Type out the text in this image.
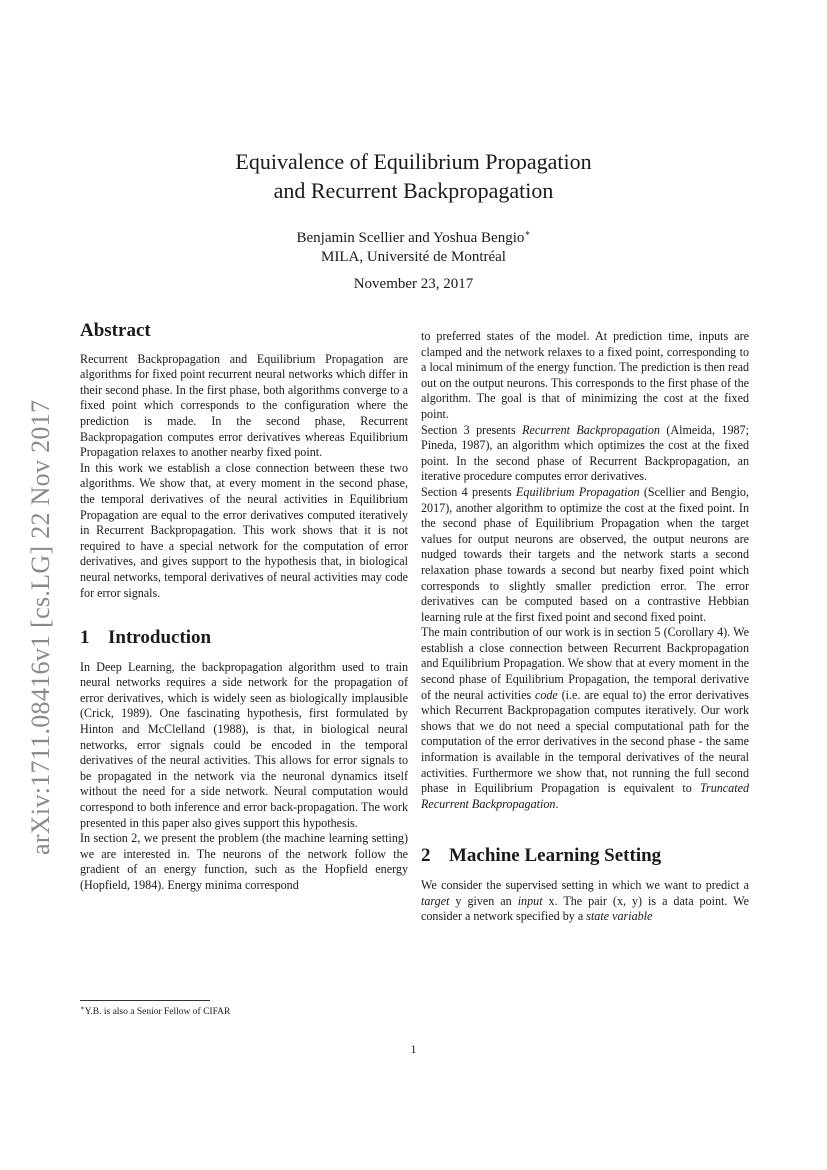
arXiv:1711.08416v1 [cs.LG] 22 Nov 2017
Equivalence of Equilibrium Propagation
and Recurrent Backpropagation
Benjamin Scellier and Yoshua Bengio∗
MILA, Université de Montréal
November 23, 2017
Abstract

Recurrent Backpropagation and Equilibrium Propagation are algorithms for fixed point recurrent neural networks which differ in their second phase. In the first phase, both algorithms converge to a fixed point which corresponds to the configuration where the prediction is made. In the second phase, Recurrent Backpropagation computes error derivatives whereas Equilibrium Propagation relaxes to another nearby fixed point.

In this work we establish a close connection between these two algorithms. We show that, at every moment in the second phase, the temporal derivatives of the neural activities in Equilibrium Propagation are equal to the error derivatives computed iteratively in Recurrent Backpropagation. This work shows that it is not required to have a special network for the computation of error derivatives, and gives support to the hypothesis that, in biological neural networks, temporal derivatives of neural activities may code for error signals.

1 Introduction

In Deep Learning, the backpropagation algorithm used to train neural networks requires a side network for the propagation of error derivatives, which is widely seen as biologically implausible (Crick, 1989). One fascinating hypothesis, first formulated by Hinton and McClelland (1988), is that, in biological neural networks, error signals could be encoded in the temporal derivatives of the neural activities. This allows for error signals to be propagated in the network via the neuronal dynamics itself without the need for a side network. Neural computation would correspond to both inference and error back-propagation. The work presented in this paper also gives support this hypothesis.

In section 2, we present the problem (the machine learning setting) we are interested in. The neurons of the network follow the gradient of an energy function, such as the Hopfield energy (Hopfield, 1984). Energy minima correspond

to preferred states of the model. At prediction time, inputs are clamped and the network relaxes to a fixed point, corresponding to a local minimum of the energy function. The prediction is then read out on the output neurons. This corresponds to the first phase of the algorithm. The goal is that of minimizing the cost at the fixed point.

Section 3 presents Recurrent Backpropagation (Almeida, 1987; Pineda, 1987), an algorithm which optimizes the cost at the fixed point. In the second phase of Recurrent Backpropagation, an iterative procedure computes error derivatives.

Section 4 presents Equilibrium Propagation (Scellier and Bengio, 2017), another algorithm to optimize the cost at the fixed point. In the second phase of Equilibrium Propagation when the target values for output neurons are observed, the output neurons are nudged towards their targets and the network starts a second relaxation phase towards a second but nearby fixed point which corresponds to slightly smaller prediction error. The error derivatives can be computed based on a contrastive Hebbian learning rule at the first fixed point and second fixed point.

The main contribution of our work is in section 5 (Corollary 4). We establish a close connection between Recurrent Backpropagation and Equilibrium Propagation. We show that at every moment in the second phase of Equilibrium Propagation, the temporal derivative of the neural activities code (i.e. are equal to) the error derivatives which Recurrent Backpropagation computes iteratively. Our work shows that we do not need a special computational path for the computation of the error derivatives in the second phase - the same information is available in the temporal derivatives of the neural activities. Furthermore we show that, not running the full second phase in Equilibrium Propagation is equivalent to Truncated Recurrent Backpropagation.

2 Machine Learning Setting

We consider the supervised setting in which we want to predict a target y given an input x. The pair (x, y) is a data point. We consider a network specified by a state variable

∗Y.B. is also a Senior Fellow of CIFAR
1
